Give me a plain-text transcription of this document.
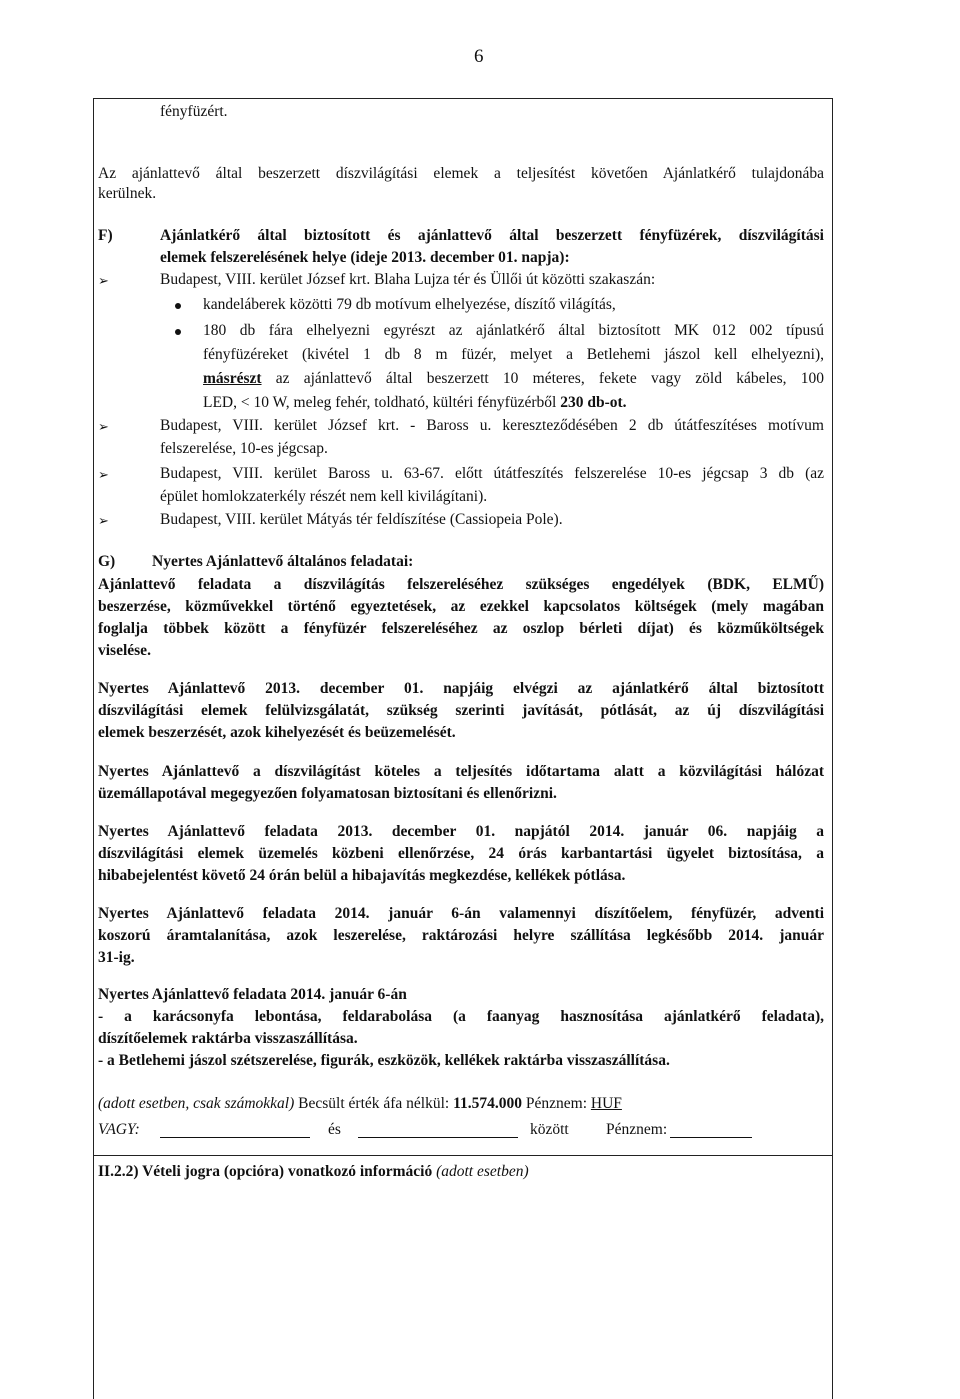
6
fényfüzért.
Az ajánlattevő által beszerzett díszvilágítási elemek a teljesítést követően Ajánlatkérő tulajdonába
kerülnek.
F)	Ajánlatkérő által biztosított és ajánlattevő által beszerzett fényfüzérek, díszvilágítási
elemek felszerelésének helye (ideje 2013. december 01. napja):
➢	Budapest, VIII. kerület József krt. Blaha Lujza tér és Üllői út közötti szakaszán:
kandeláberek közötti 79 db motívum elhelyezése, díszítő világítás,
180 db fára elhelyezni egyrészt az ajánlatkérő által biztosított MK 012 002 típusú
fényfüzéreket (kivétel 1 db 8 m füzér, melyet a Betlehemi jászol kell elhelyezni),
másrészt az ajánlattevő által beszerzett 10 méteres, fekete vagy zöld kábeles, 100
LED, < 10 W, meleg fehér, toldható, kültéri fényfüzérből 230 db-ot.
➢	Budapest, VIII. kerület József krt. - Baross u. kereszteződésében 2 db útátfeszítéses motívum
felszerelése, 10-es jégcsap.
➢	Budapest, VIII. kerület Baross u. 63-67. előtt útátfeszítés felszerelése 10-es jégcsap 3 db (az
épület homlokzaterkély részét nem kell kivilágítani).
➢	Budapest, VIII. kerület Mátyás tér feldíszítése (Cassiopeia Pole).
G) Nyertes Ajánlattevő általános feladatai:
Ajánlattevő feladata a díszvilágítás felszereléséhez szükséges engedélyek (BDK, ELMŰ)
beszerzése, közművekkel történő egyeztetések, az ezekkel kapcsolatos költségek (mely magában
foglalja többek között a fényfüzér felszereléséhez az oszlop bérleti díjat) és közműköltségek
viselése.
Nyertes Ajánlattevő 2013. december 01. napjáig elvégzi az ajánlatkérő által biztosított
díszvilágítási elemek felülvizsgálatát, szükség szerinti javítását, pótlását, az új díszvilágítási
elemek beszerzését, azok kihelyezését és beüzemelését.
Nyertes Ajánlattevő a díszvilágítást köteles a teljesítés időtartama alatt a közvilágítási hálózat
üzemállapotával megegyezően folyamatosan biztosítani és ellenőrizni.
Nyertes Ajánlattevő feladata 2013. december 01. napjától 2014. január 06. napjáig a
díszvilágítási elemek üzemelés közbeni ellenőrzése, 24 órás karbantartási ügyelet biztosítása, a
hibabejelentést követő 24 órán belül a hibajavítás megkezdése, kellékek pótlása.
Nyertes Ajánlattevő feladata 2014. január 6-án valamennyi díszítőelem, fényfüzér, adventi
koszorú áramtalanítása, azok leszerelése, raktározási helyre szállítása legkésőbb 2014. január
31-ig.
Nyertes Ajánlattevő feladata 2014. január 6-án
- a karácsonyfa lebontása, feldarabolása (a faanyag hasznosítása ajánlatkérő feladata),
díszítőelemek raktárba visszaszállítása.
- a Betlehemi jászol szétszerelése, figurák, eszközök, kellékek raktárba visszaszállítása.
(adott esetben, csak számokkal) Becsült érték áfa nélkül: 11.574.000 Pénznem: HUF
VAGY:	és	között Pénznem:
II.2.2) Vételi jogra (opcióra) vonatkozó információ (adott esetben)
